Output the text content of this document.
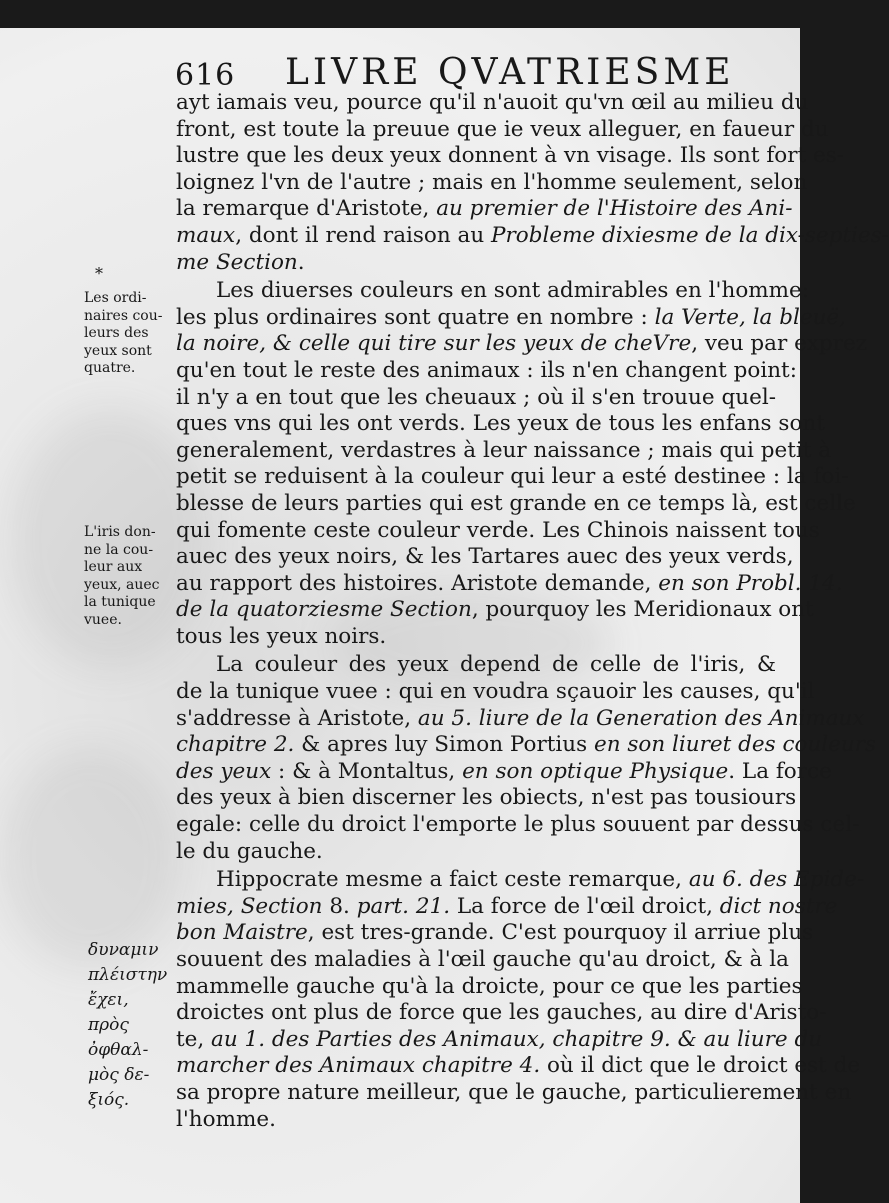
616 LIVRE QVATRIESME
*
Les ordi-
naires cou-
leurs des
yeux sont
quatre.
L'iris don-
ne la cou-
leur aux
yeux, auec
la tunique
vuee.
δυναμιν
πλέιστην
ἔχει,
πρὸς
ὀφθαλ-
μὸς δε-
ξιός.
ayt iamais veu, pource qu'il n'auoit qu'vn œil au milieu du
front, est toute la preuue que ie veux alleguer, en faueur du
lustre que les deux yeux donnent à vn visage. Ils sont fort es-
loignez l'vn de l'autre ; mais en l'homme seulement, selon
la remarque d'Aristote, au premier de l'Histoire des Ani-
maux, dont il rend raison au Probleme dixiesme de la dix-septies-
me Section.
Les diuerses couleurs en sont admirables en l'homme:
les plus ordinaires sont quatre en nombre : la Verte, la bleuë,
la noire, & celle qui tire sur les yeux de cheVre, veu par exprez
qu'en tout le reste des animaux : ils n'en changent point:
il n'y a en tout que les cheuaux ; où il s'en trouue quel-
ques vns qui les ont verds. Les yeux de tous les enfans sont
generalement, verdastres à leur naissance ; mais qui petit à
petit se reduisent à la couleur qui leur a esté destinee : la foi-
blesse de leurs parties qui est grande en ce temps là, est celle
qui fomente ceste couleur verde. Les Chinois naissent tous
auec des yeux noirs, & les Tartares auec des yeux verds,
au rapport des histoires. Aristote demande, en son Probl. 14.
de la quatorziesme Section, pourquoy les Meridionaux ont
tous les yeux noirs.
La couleur des yeux depend de celle de l'iris, &
de la tunique vuee : qui en voudra sçauoir les causes, qu'il
s'addresse à Aristote, au 5. liure de la Generation des Animaux
chapitre 2. & apres luy Simon Portius en son liuret des couleurs
des yeux : & à Montaltus, en son optique Physique. La force
des yeux à bien discerner les obiects, n'est pas tousiours
egale: celle du droict l'emporte le plus souuent par dessus cel-
le du gauche.
Hippocrate mesme a faict ceste remarque, au 6. des Epide-
mies, Section 8. part. 21. La force de l'œil droict, dict nostre
bon Maistre, est tres-grande. C'est pourquoy il arriue plus
souuent des maladies à l'œil gauche qu'au droict, & à la
mammelle gauche qu'à la droicte, pour ce que les parties
droictes ont plus de force que les gauches, au dire d'Aristo-
te, au 1. des Parties des Animaux, chapitre 9. & au liure du
marcher des Animaux chapitre 4. où il dict que le droict est de
sa propre nature meilleur, que le gauche, particulierement en
l'homme.
